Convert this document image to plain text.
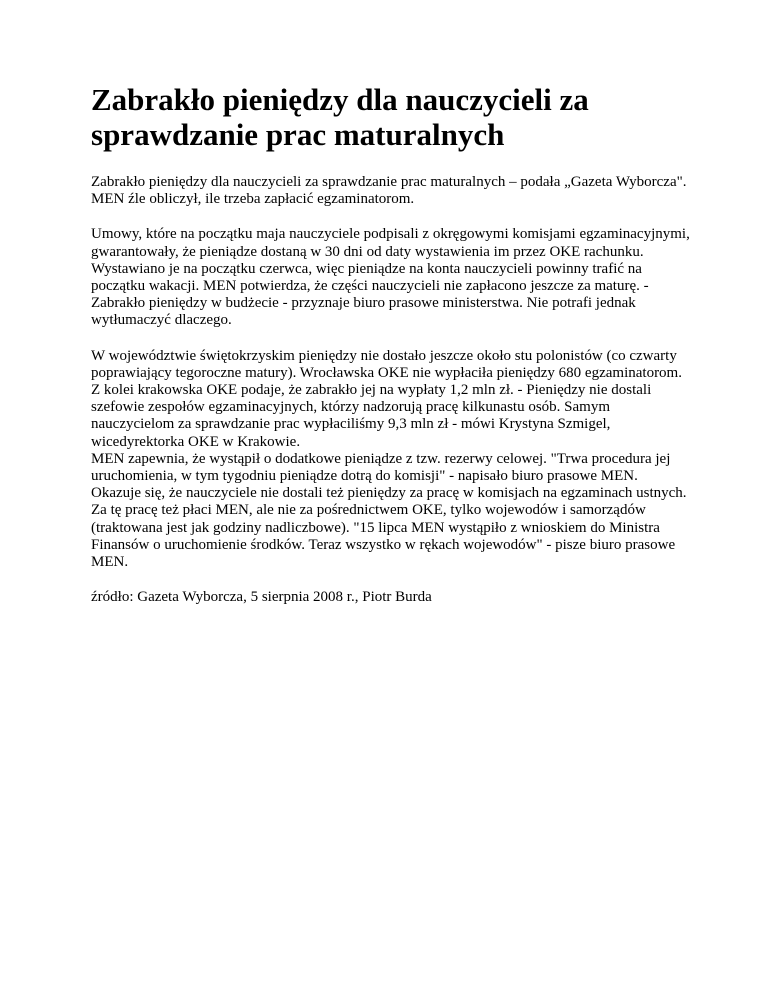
Zabrakło pieniędzy dla nauczycieli za sprawdzanie prac maturalnych

Zabrakło pieniędzy dla nauczycieli za sprawdzanie prac maturalnych – podała „Gazeta Wyborcza". MEN źle obliczył, ile trzeba zapłacić egzaminatorom.

Umowy, które na początku maja nauczyciele podpisali z okręgowymi komisjami egzaminacyjnymi, gwarantowały, że pieniądze dostaną w 30 dni od daty wystawienia im przez OKE rachunku. Wystawiano je na początku czerwca, więc pieniądze na konta nauczycieli powinny trafić na początku wakacji. MEN potwierdza, że części nauczycieli nie zapłacono jeszcze za maturę. - Zabrakło pieniędzy w budżecie - przyznaje biuro prasowe ministerstwa. Nie potrafi jednak wytłumaczyć dlaczego.

W województwie świętokrzyskim pieniędzy nie dostało jeszcze około stu polonistów (co czwarty poprawiający tegoroczne matury). Wrocławska OKE nie wypłaciła pieniędzy 680 egzaminatorom. Z kolei krakowska OKE podaje, że zabrakło jej na wypłaty 1,2 mln zł. - Pieniędzy nie dostali szefowie zespołów egzaminacyjnych, którzy nadzorują pracę kilkunastu osób. Samym nauczycielom za sprawdzanie prac wypłaciliśmy 9,3 mln zł - mówi Krystyna Szmigel, wicedyrektorka OKE w Krakowie.

MEN zapewnia, że wystąpił o dodatkowe pieniądze z tzw. rezerwy celowej. "Trwa procedura jej uruchomienia, w tym tygodniu pieniądze dotrą do komisji" - napisało biuro prasowe MEN. Okazuje się, że nauczyciele nie dostali też pieniędzy za pracę w komisjach na egzaminach ustnych. Za tę pracę też płaci MEN, ale nie za pośrednictwem OKE, tylko wojewodów i samorządów (traktowana jest jak godziny nadliczbowe). "15 lipca MEN wystąpiło z wnioskiem do Ministra Finansów o uruchomienie środków. Teraz wszystko w rękach wojewodów" - pisze biuro prasowe MEN.

źródło: Gazeta Wyborcza, 5 sierpnia 2008 r., Piotr Burda
